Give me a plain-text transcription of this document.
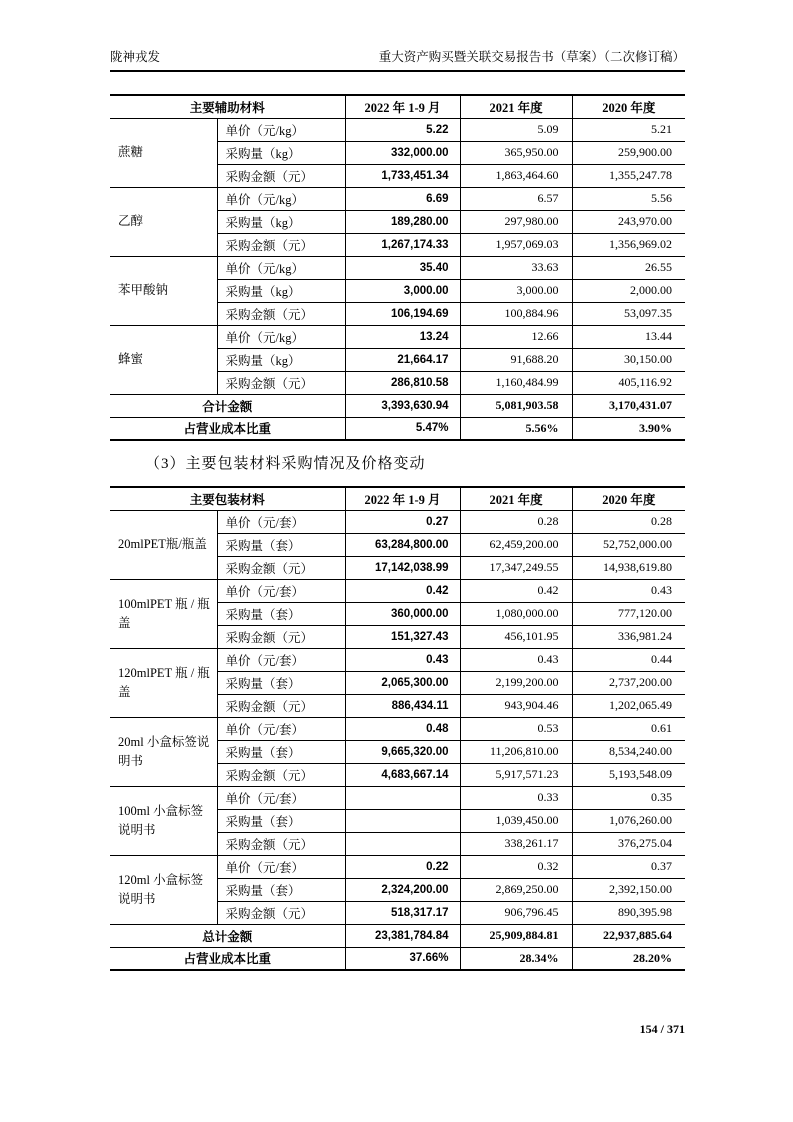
陇神戎发	重大资产购买暨关联交易报告书（草案）（二次修订稿）
主要辅助材料		2022 年 1-9 月	2021 年度	2020 年度
蔗糖	单价（元/kg）	5.22	5.09	5.21
	采购量（kg）	332,000.00	365,950.00	259,900.00
	采购金额（元）	1,733,451.34	1,863,464.60	1,355,247.78
乙醇	单价（元/kg）	6.69	6.57	5.56
	采购量（kg）	189,280.00	297,980.00	243,970.00
	采购金额（元）	1,267,174.33	1,957,069.03	1,356,969.02
苯甲酸钠	单价（元/kg）	35.40	33.63	26.55
	采购量（kg）	3,000.00	3,000.00	2,000.00
	采购金额（元）	106,194.69	100,884.96	53,097.35
蜂蜜	单价（元/kg）	13.24	12.66	13.44
	采购量（kg）	21,664.17	91,688.20	30,150.00
	采购金额（元）	286,810.58	1,160,484.99	405,116.92
合计金额		3,393,630.94	5,081,903.58	3,170,431.07
占营业成本比重		5.47%	5.56%	3.90%
（3）主要包装材料采购情况及价格变动
主要包装材料		2022 年 1-9 月	2021 年度	2020 年度
20mlPET瓶/瓶盖	单价（元/套）	0.27	0.28	0.28
	采购量（套）	63,284,800.00	62,459,200.00	52,752,000.00
	采购金额（元）	17,142,038.99	17,347,249.55	14,938,619.80
100mlPET 瓶 / 瓶盖	单价（元/套）	0.42	0.42	0.43
	采购量（套）	360,000.00	1,080,000.00	777,120.00
	采购金额（元）	151,327.43	456,101.95	336,981.24
120mlPET 瓶 / 瓶盖	单价（元/套）	0.43	0.43	0.44
	采购量（套）	2,065,300.00	2,199,200.00	2,737,200.00
	采购金额（元）	886,434.11	943,904.46	1,202,065.49
20ml 小盒标签说明书	单价（元/套）	0.48	0.53	0.61
	采购量（套）	9,665,320.00	11,206,810.00	8,534,240.00
	采购金额（元）	4,683,667.14	5,917,571.23	5,193,548.09
100ml 小盒标签说明书	单价（元/套）		0.33	0.35
	采购量（套）		1,039,450.00	1,076,260.00
	采购金额（元）		338,261.17	376,275.04
120ml 小盒标签说明书	单价（元/套）	0.22	0.32	0.37
	采购量（套）	2,324,200.00	2,869,250.00	2,392,150.00
	采购金额（元）	518,317.17	906,796.45	890,395.98
总计金额		23,381,784.84	25,909,884.81	22,937,885.64
占营业成本比重		37.66%	28.34%	28.20%
154 / 371
